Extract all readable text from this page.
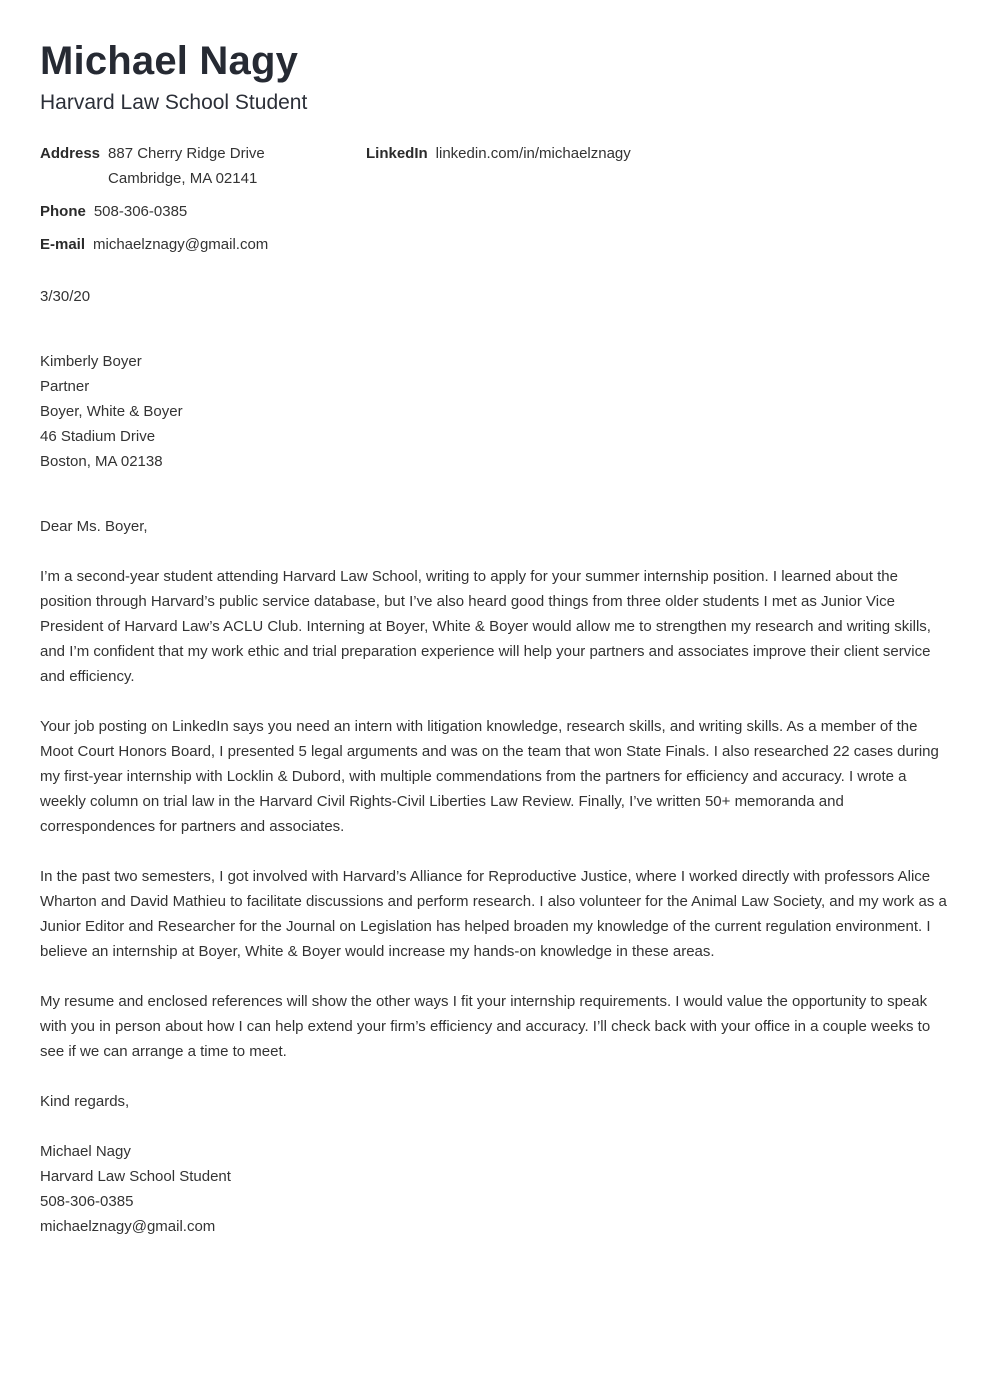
Michael Nagy
Harvard Law School Student
Address 887 Cherry Ridge Drive
Cambridge, MA 02141
LinkedIn linkedin.com/in/michaelznagy
Phone 508-306-0385
E-mail michaelznagy@gmail.com
3/30/20
Kimberly Boyer
Partner
Boyer, White & Boyer
46 Stadium Drive
Boston, MA 02138
Dear Ms. Boyer,

I’m a second-year student attending Harvard Law School, writing to apply for your summer internship position. I learned about the position through Harvard’s public service database, but I’ve also heard good things from three older students I met as Junior Vice President of Harvard Law’s ACLU Club. Interning at Boyer, White & Boyer would allow me to strengthen my research and writing skills, and I’m confident that my work ethic and trial preparation experience will help your partners and associates improve their client service and efficiency.

Your job posting on LinkedIn says you need an intern with litigation knowledge, research skills, and writing skills. As a member of the Moot Court Honors Board, I presented 5 legal arguments and was on the team that won State Finals. I also researched 22 cases during my first-year internship with Locklin & Dubord, with multiple commendations from the partners for efficiency and accuracy. I wrote a weekly column on trial law in the Harvard Civil Rights-Civil Liberties Law Review. Finally, I’ve written 50+ memoranda and correspondences for partners and associates.

In the past two semesters, I got involved with Harvard’s Alliance for Reproductive Justice, where I worked directly with professors Alice Wharton and David Mathieu to facilitate discussions and perform research. I also volunteer for the Animal Law Society, and my work as a Junior Editor and Researcher for the Journal on Legislation has helped broaden my knowledge of the current regulation environment. I believe an internship at Boyer, White & Boyer would increase my hands-on knowledge in these areas.

My resume and enclosed references will show the other ways I fit your internship requirements. I would value the opportunity to speak with you in person about how I can help extend your firm’s efficiency and accuracy. I’ll check back with your office in a couple weeks to see if we can arrange a time to meet.

Kind regards,
Michael Nagy
Harvard Law School Student
508-306-0385
michaelznagy@gmail.com
